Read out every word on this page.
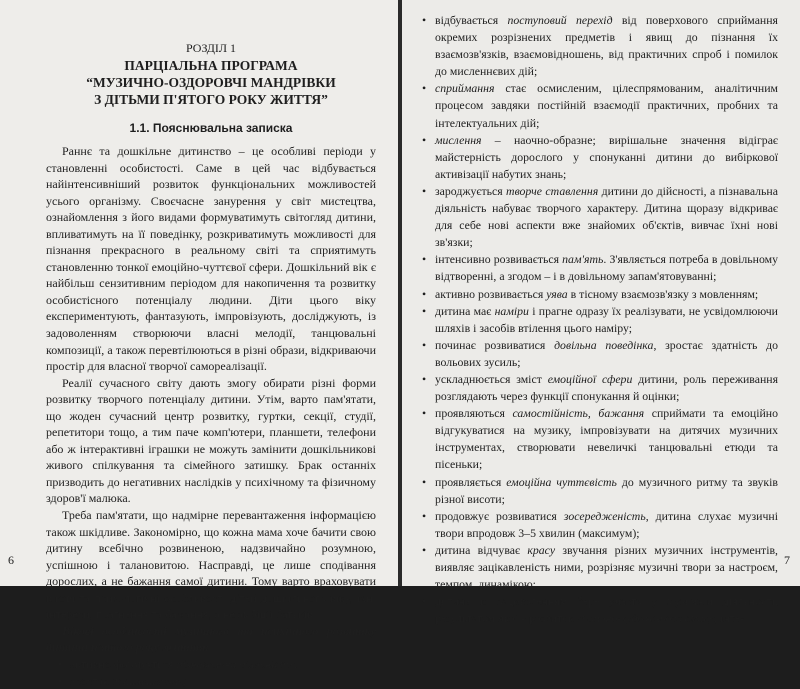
РОЗДІЛ 1
ПАРЦІАЛЬНА ПРОГРАМА
“МУЗИЧНО-ОЗДОРОВЧІ МАНДРІВКИ
З ДІТЬМИ П'ЯТОГО РОКУ ЖИТТЯ”
1.1. Пояснювальна записка

Раннє та дошкільне дитинство – це особливі періоди у становленні особистості. Саме в цей час відбувається найінтенсивніший розвиток функціональних можливостей усього організму. Своєчасне занурення у світ мистецтва, ознайомлення з його видами формуватимуть світогляд дитини, впливатимуть на її поведінку, розкриватимуть можливості для пізнання прекрасного в реальному світі та сприятимуть становленню тонкої емоційно-чуттєвої сфери. Дошкільний вік є найбільш сензитивним періодом для накопичення та розвитку особистісного потенціалу людини. Діти цього віку експериментують, фантазують, імпровізують, досліджують, із задоволенням створюючи власні мелодії, танцювальні композиції, а також перевтілюються в різні образи, відкриваючи простір для власної творчої самореалізації.

Реалії сучасного світу дають змогу обирати різні форми розвитку творчого потенціалу дитини. Утім, варто пам'ятати, що жоден сучасний центр розвитку, гуртки, секції, студії, репетитори тощо, а тим паче комп'ютери, планшети, телефони або ж інтерактивні іграшки не можуть замінити дошкільникові живого спілкування та сімейного затишку. Брак останніх призводить до негативних наслідків у психічному та фізичному здоров'ї малюка.

Треба пам'ятати, що надмірне перевантаження інформацією також шкідливе. Закономірно, що кожна мама хоче бачити свою дитину всебічно розвиненою, надзвичайно розумною, успішною і талановитою. Насправді, це лише сподівання дорослих, а не бажання самої дитини. Тому варто враховувати вікові та психологічні особливості дітей дошкільного віку, їхні інтереси, прагнення та бажання, а не амбіції батьків.

Вікові особливості музичного та психічного розвитку дитини п'ятого року життя:

• активно формується пізнавальна діяльність;
• зростає допитливість;
6
• відбувається поступовий перехід від поверхового сприймання окремих розрізнених предметів і явищ до пізнання їх взаємозв'язків, взаємовідношень, від практичних спроб і помилок до мисленнєвих дій;
• сприймання стає осмисленим, цілеспрямованим, аналітичним процесом завдяки постійній взаємодії практичних, пробних та інтелектуальних дій;
• мислення – наочно-образне; вирішальне значення відіграє майстерність дорослого у спонуканні дитини до вибіркової активізації набутих знань;
• зароджується творче ставлення дитини до дійсності, а пізнавальна діяльність набуває творчого характеру. Дитина щоразу відкриває для себе нові аспекти вже знайомих об'єктів, вивчає їхні нові зв'язки;
• інтенсивно розвивається пам'ять. З'являється потреба в довільному відтворенні, а згодом – і в довільному запам'ятовуванні;
• активно розвивається уява в тісному взаємозв'язку з мовленням;
• дитина має наміри і прагне одразу їх реалізувати, не усвідомлюючи шляхів і засобів втілення цього наміру;
• починає розвиватися довільна поведінка, зростає здатність до вольових зусиль;
• ускладнюється зміст емоційної сфери дитини, роль переживання розглядають через функції спонукання й оцінки;
• проявляються самостійність, бажання сприймати та емоційно відгукуватися на музику, імпровізувати на дитячих музичних інструментах, створювати невеличкі танцювальні етюди та пісеньки;
• проявляється емоційна чуттєвість до музичного ритму та звуків різної висоти;
• продовжує розвиватися зосередженість, дитина слухає музичні твори впродовж 3–5 хвилин (максимум);
• дитина відчуває красу звучання різних музичних інструментів, виявляє зацікавленість ними, розрізняє музичні твори за настроєм, темпом, динамікою;
• дитина із задоволенням бере участь у музичній діяльності, результатом якої є розвиток музично-художнього смаку, інте-
7
